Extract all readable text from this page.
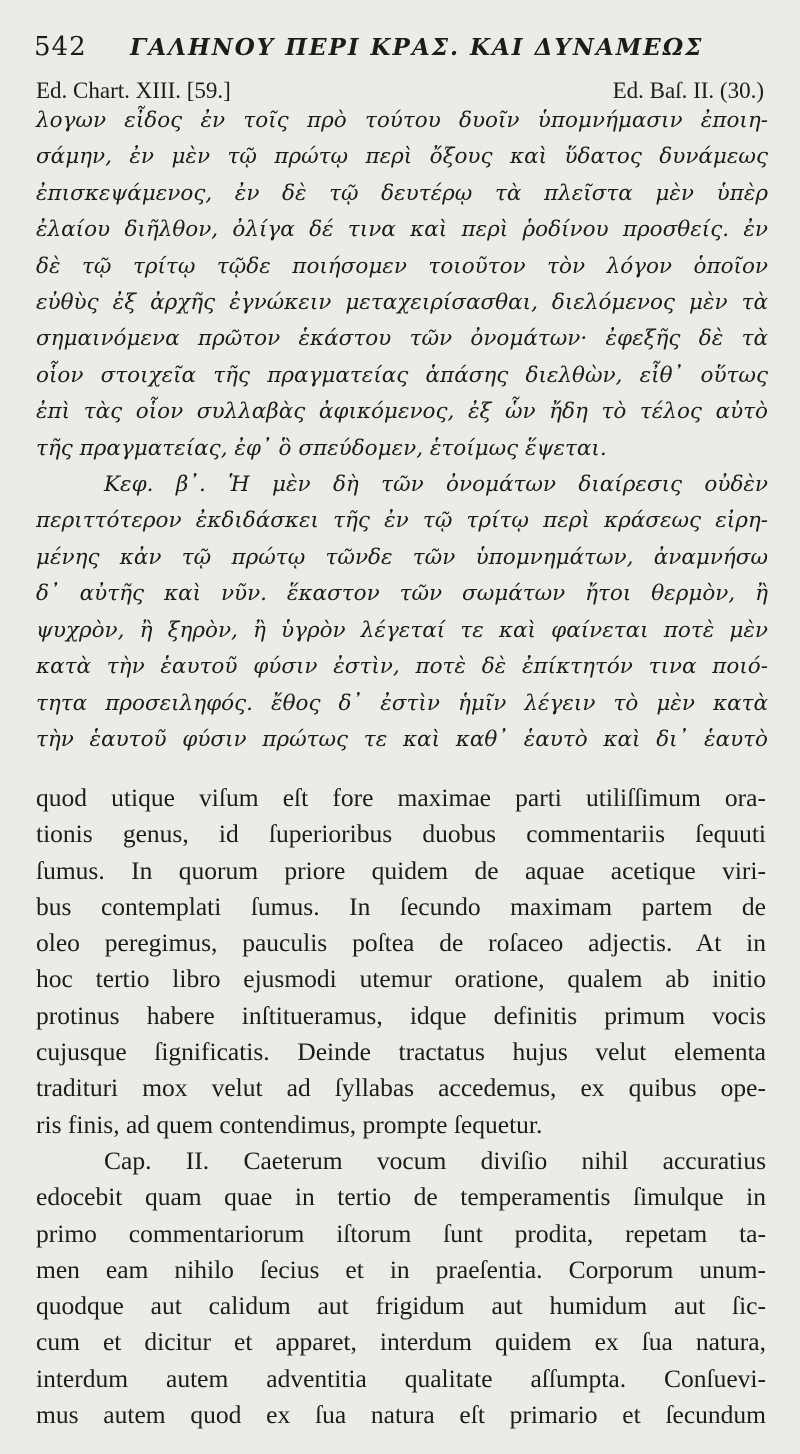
542 ΓΑΛΗΝΟΥ ΠΕΡΙ ΚΡΑΣ. ΚΑΙ ΔΥΝΑΜΕΩΣ
Ed. Chart. XIII. [59.]	Ed. Baſ. II. (30.)
λογων εἶδος ἐν τοῖς πρὸ τούτου δυοῖν ὑπομνήμασιν ἐποιη-
σάμην, ἐν μὲν τῷ πρώτῳ περὶ ὄξους καὶ ὕδατος δυνάμεως
ἐπισκεψάμενος, ἐν δὲ τῷ δευτέρῳ τὰ πλεῖστα μὲν ὑπὲρ
ἐλαίου διῆλθον, ὀλίγα δέ τινα καὶ περὶ ῥοδίνου προσθείς. ἐν
δὲ τῷ τρίτῳ τῷδε ποιήσομεν τοιοῦτον τὸν λόγον ὁποῖον
εὐθὺς ἐξ ἀρχῆς ἐγνώκειν μεταχειρίσασθαι, διελόμενος μὲν τὰ
σημαινόμενα πρῶτον ἑκάστου τῶν ὀνομάτων· ἐφεξῆς δὲ τὰ
οἷον στοιχεῖα τῆς πραγματείας ἁπάσης διελθὼν, εἶθ᾽ οὕτως
ἐπὶ τὰς οἷον συλλαβὰς ἀφικόμενος, ἐξ ὧν ἤδη τὸ τέλος αὐτὸ
τῆς πραγματείας, ἐφ᾽ ὃ σπεύδομεν, ἑτοίμως ἕψεται.
Κεφ. β᾽. Ἡ μὲν δὴ τῶν ὀνομάτων διαίρεσις οὐδὲν
περιττότερον ἐκδιδάσκει τῆς ἐν τῷ τρίτῳ περὶ κράσεως εἰρη-
μένης κἀν τῷ πρώτῳ τῶνδε τῶν ὑπομνημάτων, ἀναμνήσω
δ᾽ αὐτῆς καὶ νῦν. ἕκαστον τῶν σωμάτων ἤτοι θερμὸν, ἢ
ψυχρὸν, ἢ ξηρὸν, ἢ ὑγρὸν λέγεταί τε καὶ φαίνεται ποτὲ μὲν
κατὰ τὴν ἑαυτοῦ φύσιν ἐστὶν, ποτὲ δὲ ἐπίκτητόν τινα ποιό-
τητα προσειληφός. ἔθος δ᾽ ἐστὶν ἡμῖν λέγειν τὸ μὲν κατὰ
τὴν ἑαυτοῦ φύσιν πρώτως τε καὶ καθ᾽ ἑαυτὸ καὶ δι᾽ ἑαυτὸ
quod utique viſum eſt fore maximae parti utiliſſimum ora-
tionis genus, id ſuperioribus duobus commentariis ſequuti
ſumus. In quorum priore quidem de aquae acetique viri-
bus contemplati ſumus. In ſecundo maximam partem de
oleo peregimus, pauculis poſtea de roſaceo adjectis. At in
hoc tertio libro ejusmodi utemur oratione, qualem ab initio
protinus habere inſtitueramus, idque definitis primum vocis
cujusque ſignificatis. Deinde tractatus hujus velut elementa
tradituri mox velut ad ſyllabas accedemus, ex quibus ope-
ris finis, ad quem contendimus, prompte ſequetur.
Cap. II. Caeterum vocum diviſio nihil accuratius
edocebit quam quae in tertio de temperamentis ſimulque in
primo commentariorum iſtorum ſunt prodita, repetam ta-
men eam nihilo ſecius et in praeſentia. Corporum unum-
quodque aut calidum aut frigidum aut humidum aut ſic-
cum et dicitur et apparet, interdum quidem ex ſua natura,
interdum autem adventitia qualitate aſſumpta. Conſuevi-
mus autem quod ex ſua natura eſt primario et ſecundum
